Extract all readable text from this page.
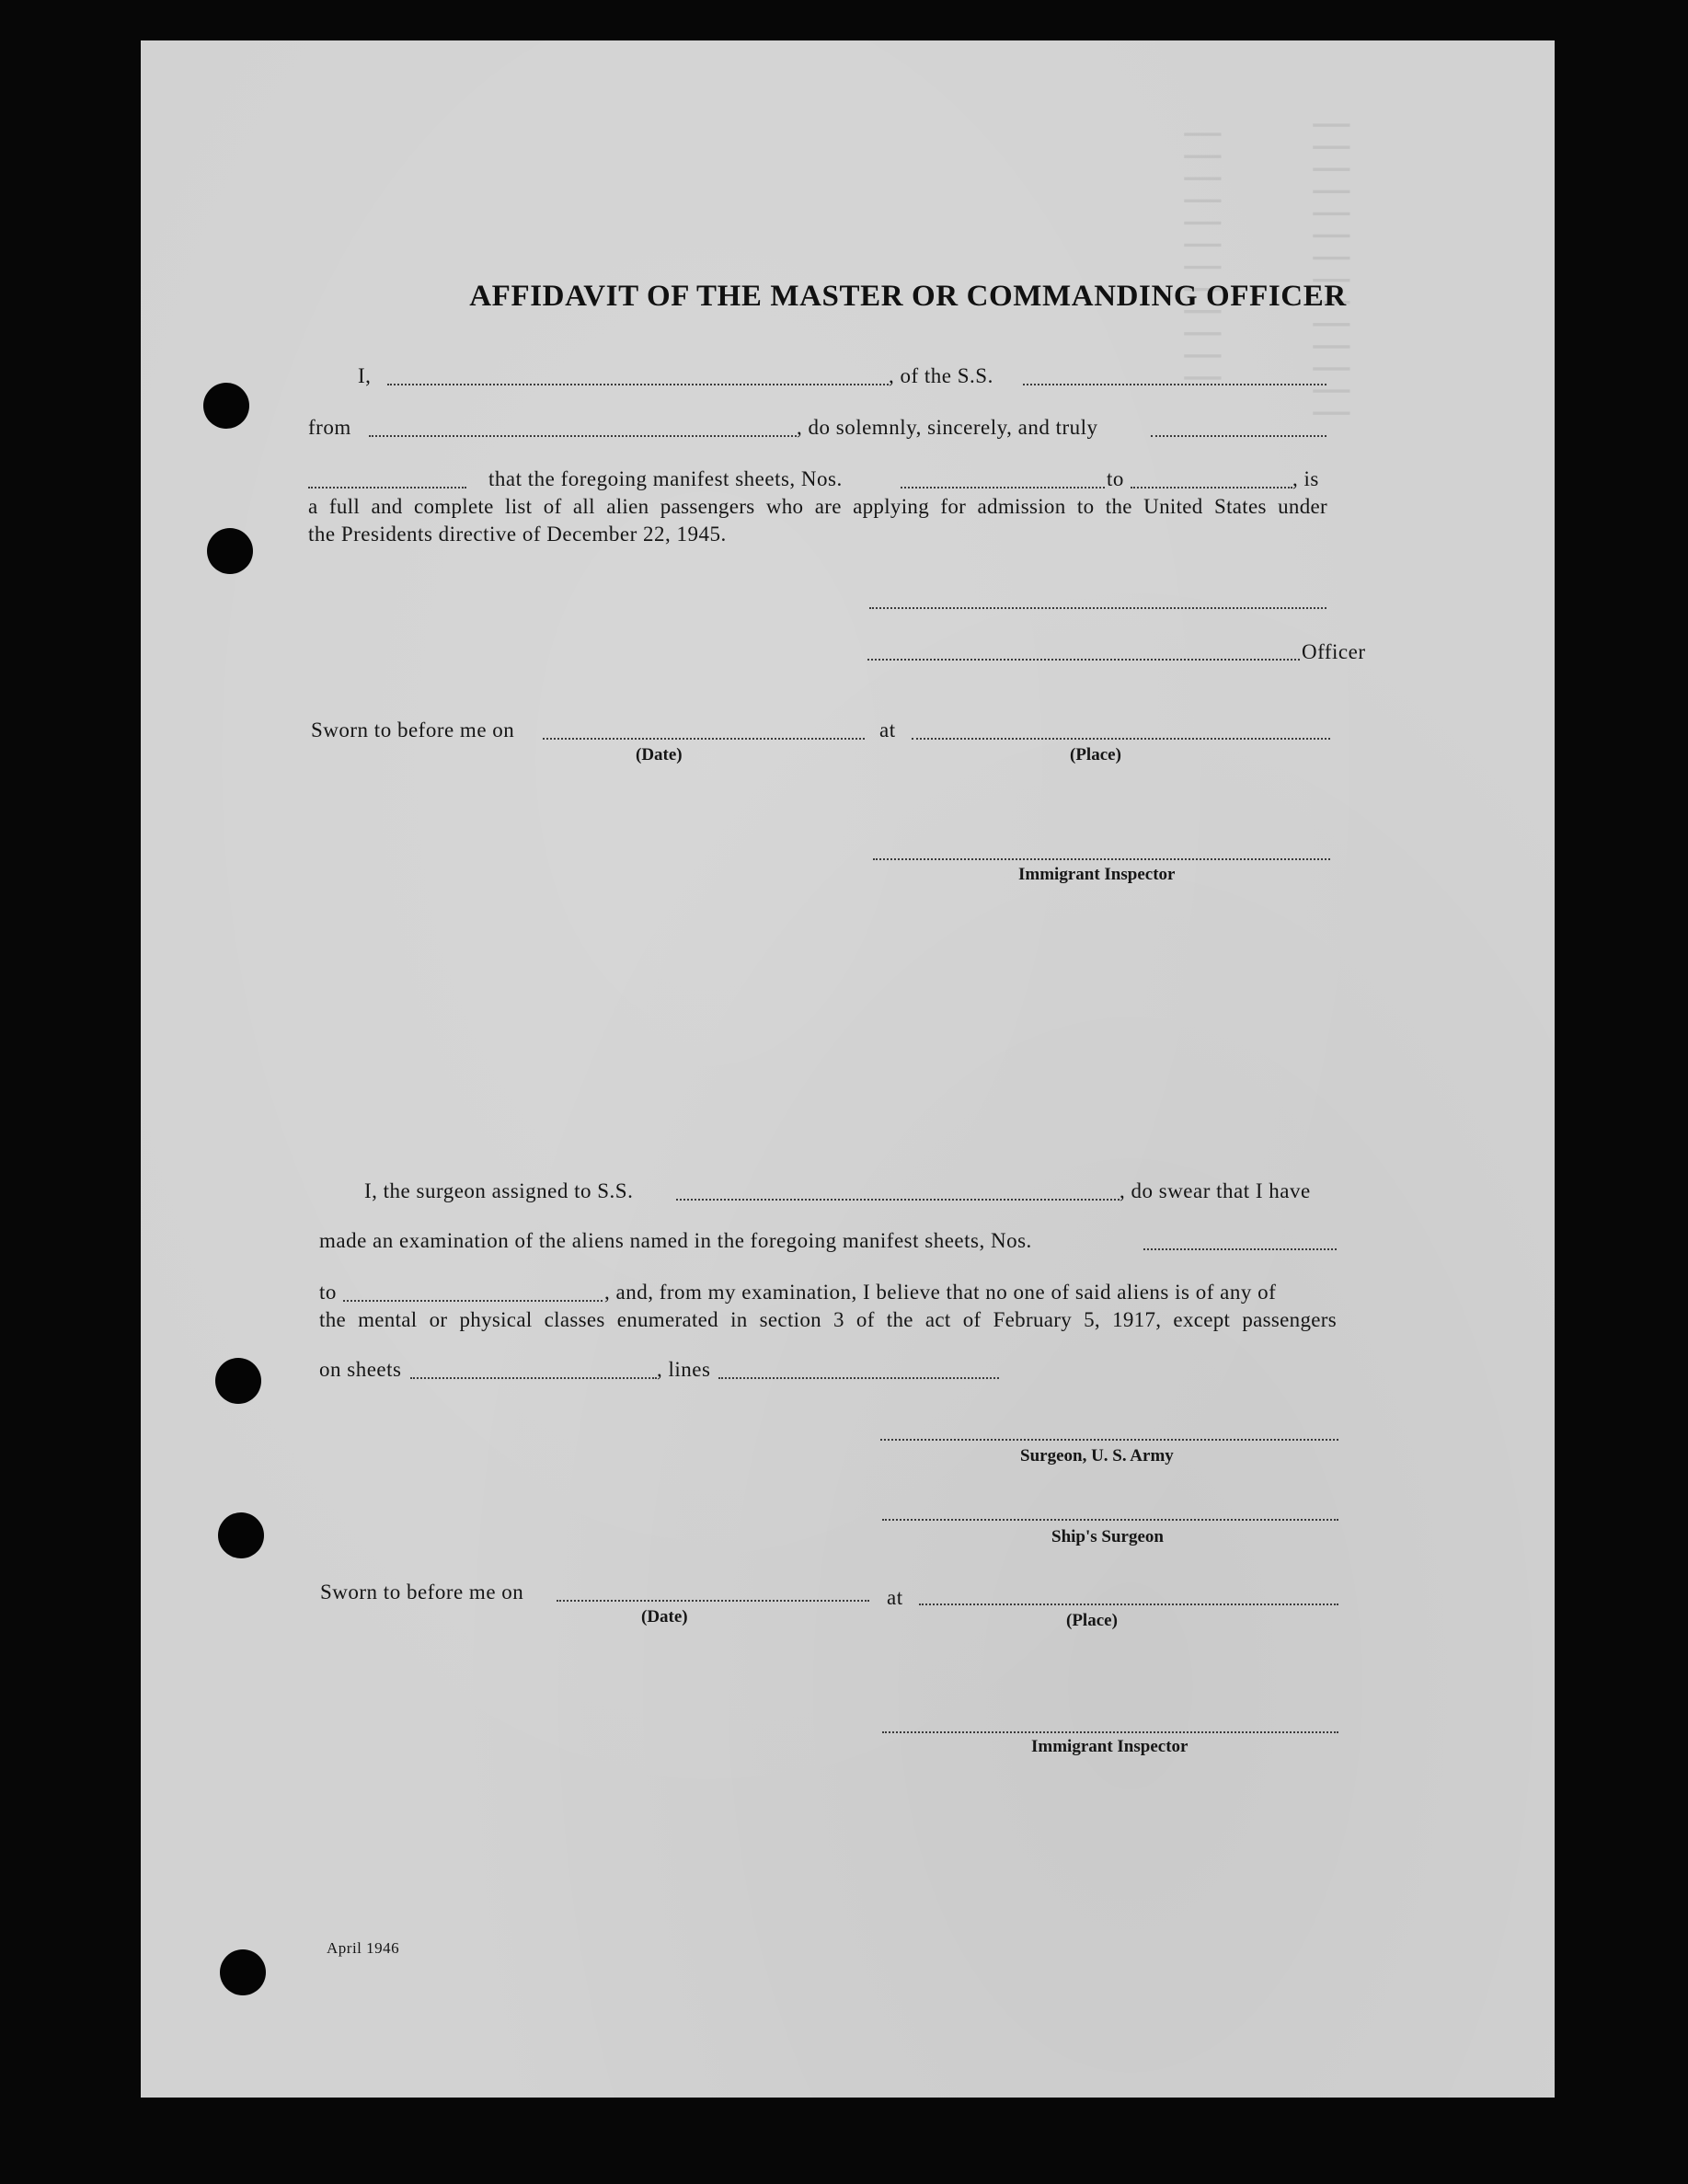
||||||||||||||
||||||||||||
AFFIDAVIT OF THE MASTER OR COMMANDING OFFICER
I,	, of the S.S.
from	, do solemnly, sincerely, and truly
that the foregoing manifest sheets, Nos.	to	, is
a full and complete list of all alien passengers who are applying for admission to the United States under
the Presidents directive of December 22, 1945.
Officer
Sworn to before me on	at
(Date)	(Place)
Immigrant Inspector
I, the surgeon assigned to S.S.	, do swear that I have
made an examination of the aliens named in the foregoing manifest sheets, Nos.
to	, and, from my examination, I believe that no one of said aliens is of any of
the mental or physical classes enumerated in section 3 of the act of February 5, 1917, except passengers
on sheets	, lines
Surgeon, U. S. Army
Ship's Surgeon
Sworn to before me on	at
(Date)	(Place)
Immigrant Inspector
April 1946
